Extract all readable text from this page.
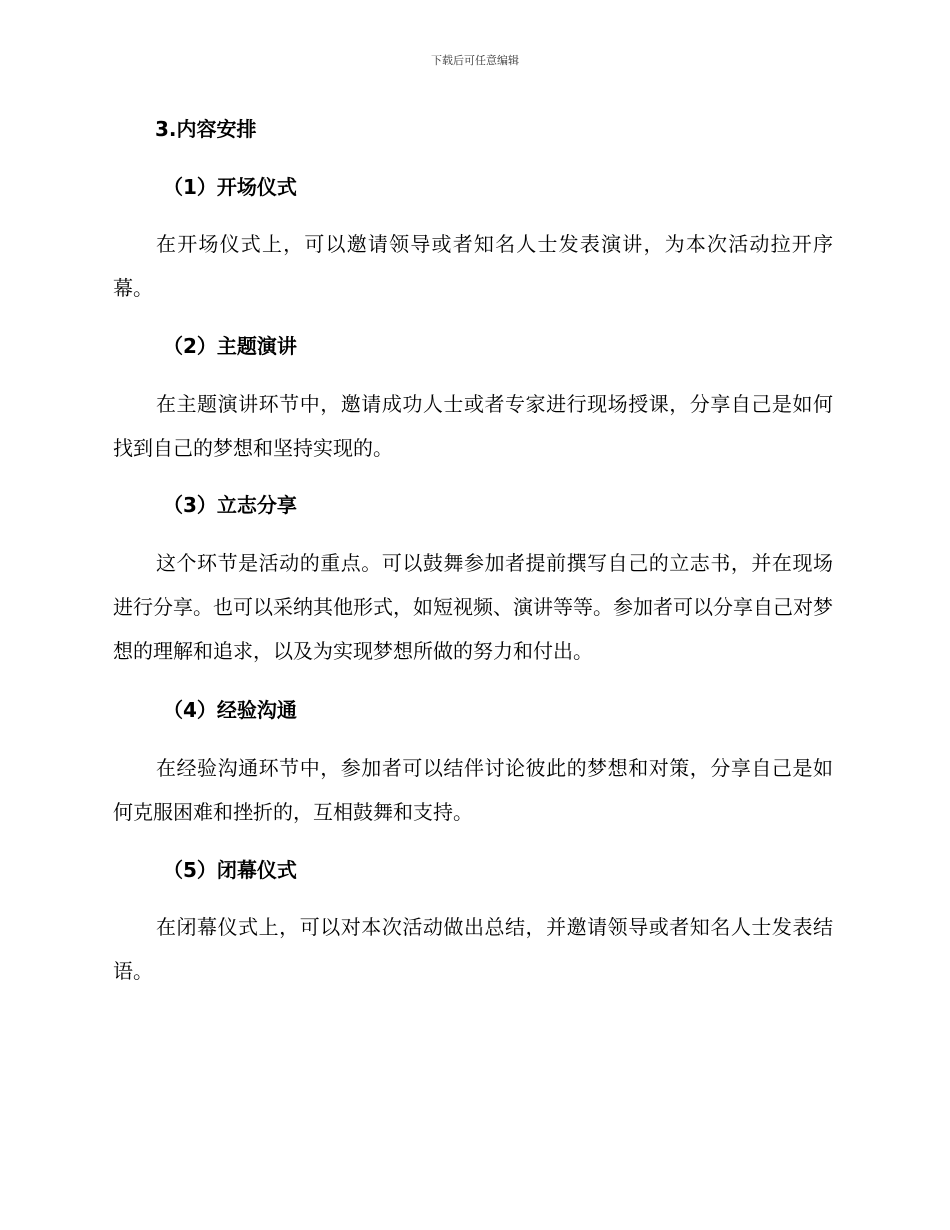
下载后可任意编辑
3.内容安排
（1）开场仪式

在开场仪式上，可以邀请领导或者知名人士发表演讲，为本次活动拉开序幕。

（2）主题演讲

在主题演讲环节中，邀请成功人士或者专家进行现场授课，分享自己是如何找到自己的梦想和坚持实现的。

（3）立志分享

这个环节是活动的重点。可以鼓舞参加者提前撰写自己的立志书，并在现场进行分享。也可以采纳其他形式，如短视频、演讲等等。参加者可以分享自己对梦想的理解和追求，以及为实现梦想所做的努力和付出。

（4）经验沟通

在经验沟通环节中，参加者可以结伴讨论彼此的梦想和对策，分享自己是如何克服困难和挫折的，互相鼓舞和支持。

（5）闭幕仪式

在闭幕仪式上，可以对本次活动做出总结，并邀请领导或者知名人士发表结语。
